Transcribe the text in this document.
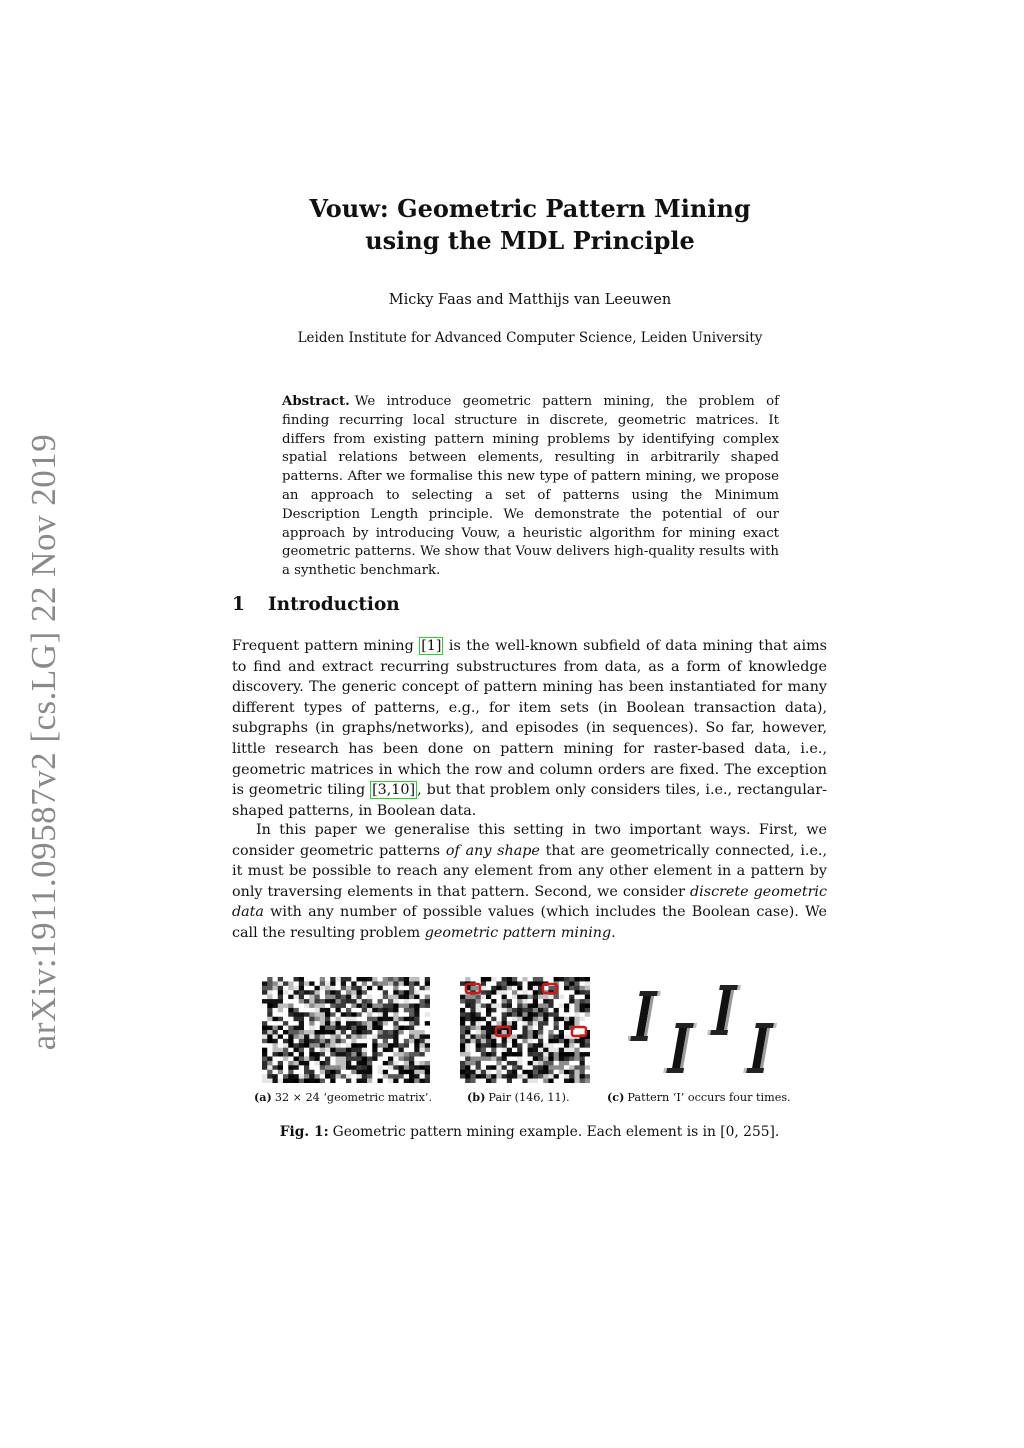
arXiv:1911.09587v2 [cs.LG] 22 Nov 2019
Vouw: Geometric Pattern Mining
using the MDL Principle
Micky Faas and Matthijs van Leeuwen
Leiden Institute for Advanced Computer Science, Leiden University
Abstract. We introduce geometric pattern mining, the problem of finding recurring local structure in discrete, geometric matrices. It differs from existing pattern mining problems by identifying complex spatial relations between elements, resulting in arbitrarily shaped patterns. After we formalise this new type of pattern mining, we propose an approach to selecting a set of patterns using the Minimum Description Length principle. We demonstrate the potential of our approach by introducing Vouw, a heuristic algorithm for mining exact geometric patterns. We show that Vouw delivers high-quality results with a synthetic benchmark.
1 Introduction
Frequent pattern mining [1] is the well-known subfield of data mining that aims to find and extract recurring substructures from data, as a form of knowledge discovery. The generic concept of pattern mining has been instantiated for many different types of patterns, e.g., for item sets (in Boolean transaction data), subgraphs (in graphs/networks), and episodes (in sequences). So far, however, little research has been done on pattern mining for raster-based data, i.e., geometric matrices in which the row and column orders are fixed. The exception is geometric tiling [3,10] , but that problem only considers tiles, i.e., rectangular-shaped patterns, in Boolean data.
In this paper we generalise this setting in two important ways. First, we consider geometric patterns of any shape that are geometrically connected, i.e., it must be possible to reach any element from any other element in a pattern by only traversing elements in that pattern. Second, we consider discrete geometric data with any number of possible values (which includes the Boolean case). We call the resulting problem geometric pattern mining.
(a) 32 × 24 ‘geometric matrix’.	(b) Pair (146, 11).	(c) Pattern ‘I’ occurs four times.
Fig. 1: Geometric pattern mining example. Each element is in [0, 255].
